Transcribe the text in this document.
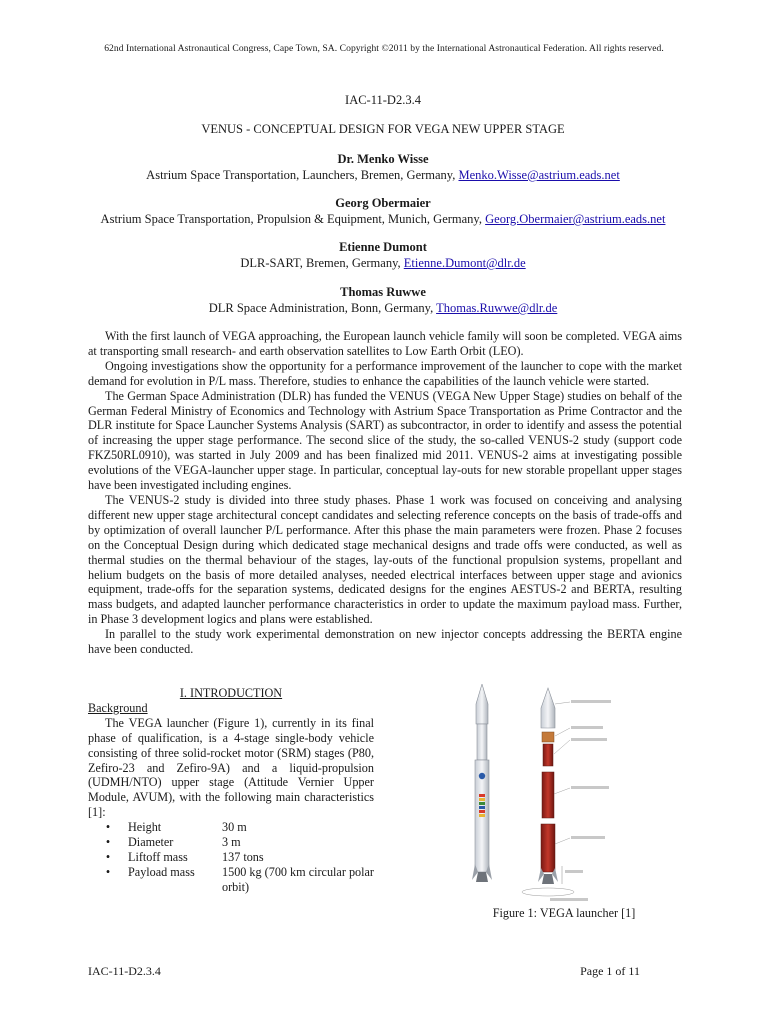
62nd International Astronautical Congress, Cape Town, SA. Copyright ©2011 by the International Astronautical Federation. All rights reserved.
IAC-11-D2.3.4
VENUS - CONCEPTUAL DESIGN FOR VEGA NEW UPPER STAGE
Dr. Menko Wisse
Astrium Space Transportation, Launchers, Bremen, Germany, Menko.Wisse@astrium.eads.net
Georg Obermaier
Astrium Space Transportation, Propulsion & Equipment, Munich, Germany, Georg.Obermaier@astrium.eads.net
Etienne Dumont
DLR-SART, Bremen, Germany, Etienne.Dumont@dlr.de
Thomas Ruwwe
DLR Space Administration, Bonn, Germany, Thomas.Ruwwe@dlr.de

With the first launch of VEGA approaching, the European launch vehicle family will soon be completed. VEGA aims at transporting small research- and earth observation satellites to Low Earth Orbit (LEO).

Ongoing investigations show the opportunity for a performance improvement of the launcher to cope with the market demand for evolution in P/L mass. Therefore, studies to enhance the capabilities of the launch vehicle were started.

The German Space Administration (DLR) has funded the VENUS (VEGA New Upper Stage) studies on behalf of the German Federal Ministry of Economics and Technology with Astrium Space Transportation as Prime Contractor and the DLR institute for Space Launcher Systems Analysis (SART) as subcontractor, in order to identify and assess the potential of increasing the upper stage performance. The second slice of the study, the so-called VENUS-2 study (support code FKZ50RL0910), was started in July 2009 and has been finalized mid 2011. VENUS-2 aims at investigating possible evolutions of the VEGA-launcher upper stage. In particular, conceptual lay-outs for new storable propellant upper stages have been investigated including engines.

The VENUS-2 study is divided into three study phases. Phase 1 work was focused on conceiving and analysing different new upper stage architectural concept candidates and selecting reference concepts on the basis of trade-offs and by optimization of overall launcher P/L performance. After this phase the main parameters were frozen. Phase 2 focuses on the Conceptual Design during which dedicated stage mechanical designs and trade offs were conducted, as well as thermal studies on the thermal behaviour of the stages, lay-outs of the functional propulsion systems, propellant and helium budgets on the basis of more detailed analyses, needed electrical interfaces between upper stage and avionics equipment, trade-offs for the separation systems, dedicated designs for the engines AESTUS-2 and BERTA, resulting mass budgets, and adapted launcher performance characteristics in order to update the maximum payload mass. Further, in Phase 3 development logics and plans were established.

In parallel to the study work experimental demonstration on new injector concepts addressing the BERTA engine have been conducted.

I. INTRODUCTION

Background

The VEGA launcher (Figure 1), currently in its final phase of qualification, is a 4-stage single-body vehicle consisting of three solid-rocket motor (SRM) stages (P80, Zefiro-23 and Zefiro-9A) and a liquid-propulsion (UDMH/NTO) upper stage (Attitude Vernier Upper Module, AVUM), with the following main characteristics [1]:

•	Height	30 m
•	Diameter	3 m
•	Liftoff mass	137 tons
•	Payload mass	1500 kg (700 km circular polar orbit)
Figure 1: VEGA launcher [1]
IAC-11-D2.3.4	Page 1 of 11
